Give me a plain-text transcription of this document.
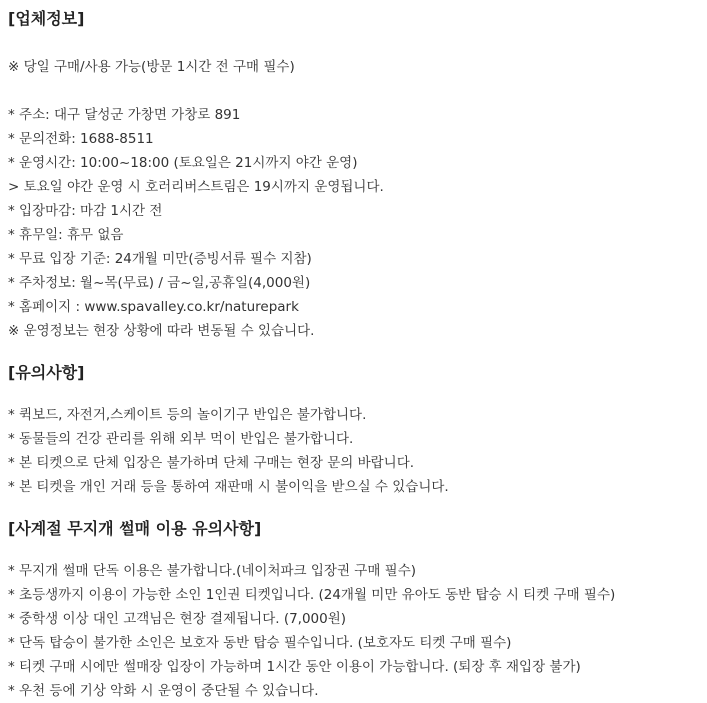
[업체정보]
※ 당일 구매/사용 가능(방문 1시간 전 구매 필수)
* 주소: 대구 달성군 가창면 가창로 891
* 문의전화: 1688-8511
* 운영시간: 10:00~18:00 (토요일은 21시까지 야간 운영)
> 토요일 야간 운영 시 호러리버스트림은 19시까지 운영됩니다.
* 입장마감: 마감 1시간 전
* 휴무일: 휴무 없음
* 무료 입장 기준: 24개월 미만(증빙서류 필수 지참)
* 주차정보: 월~목(무료) / 금~일,공휴일(4,000원)
* 홈페이지 : www.spavalley.co.kr/naturepark
※ 운영정보는 현장 상황에 따라 변동될 수 있습니다.
[유의사항]
* 퀵보드, 자전거,스케이트 등의 놀이기구 반입은 불가합니다.
* 동물들의 건강 관리를 위해 외부 먹이 반입은 불가합니다.
* 본 티켓으로 단체 입장은 불가하며 단체 구매는 현장 문의 바랍니다.
* 본 티켓을 개인 거래 등을 통하여 재판매 시 불이익을 받으실 수 있습니다.
[사계절 무지개 썰매 이용 유의사항]
* 무지개 썰매 단독 이용은 불가합니다.(네이처파크 입장권 구매 필수)
* 초등생까지 이용이 가능한 소인 1인권 티켓입니다. (24개월 미만 유아도 동반 탑승 시 티켓 구매 필수)
* 중학생 이상 대인 고객님은 현장 결제됩니다. (7,000원)
* 단독 탑승이 불가한 소인은 보호자 동반 탑승 필수입니다. (보호자도 티켓 구매 필수)
* 티켓 구매 시에만 썰매장 입장이 가능하며 1시간 동안 이용이 가능합니다. (퇴장 후 재입장 불가)
* 우천 등에 기상 악화 시 운영이 중단될 수 있습니다.
